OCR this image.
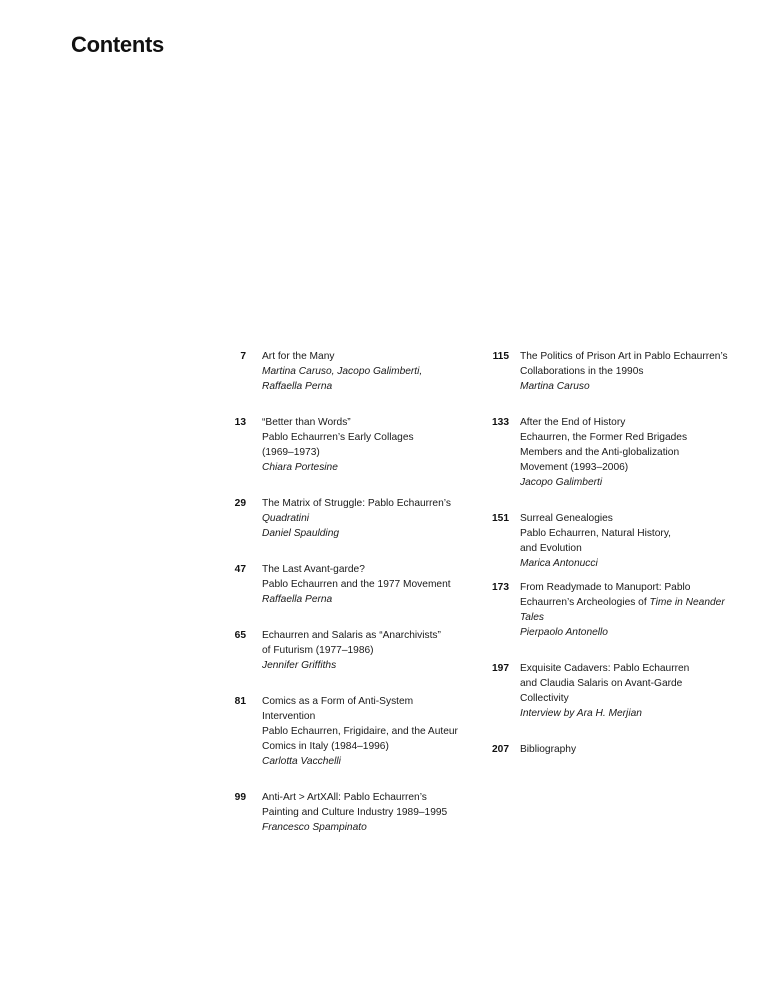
Contents
7 Art for the Many
Martina Caruso, Jacopo Galimberti,
Raffaella Perna
13 “Better than Words”
Pablo Echaurren’s Early Collages
(1969–1973)
Chiara Portesine
29 The Matrix of Struggle: Pablo Echaurren’s
Quadratini
Daniel Spaulding
47 The Last Avant-garde?
Pablo Echaurren and the 1977 Movement
Raffaella Perna
65 Echaurren and Salaris as “Anarchivists”
of Futurism (1977–1986)
Jennifer Griffiths
81 Comics as a Form of Anti-System
Intervention
Pablo Echaurren, Frigidaire, and the Auteur
Comics in Italy (1984–1996)
Carlotta Vacchelli
99 Anti-Art > ArtXAll: Pablo Echaurren’s
Painting and Culture Industry 1989–1995
Francesco Spampinato
115 The Politics of Prison Art in Pablo Echaurren’s
Collaborations in the 1990s
Martina Caruso
133 After the End of History
Echaurren, the Former Red Brigades
Members and the Anti-globalization
Movement (1993–2006)
Jacopo Galimberti
151 Surreal Genealogies
Pablo Echaurren, Natural History,
and Evolution
Marica Antonucci
173 From Readymade to Manuport: Pablo
Echaurren’s Archeologies of Time in Neander
Tales
Pierpaolo Antonello
197 Exquisite Cadavers: Pablo Echaurren
and Claudia Salaris on Avant-Garde
Collectivity
Interview by Ara H. Merjian
207 Bibliography
